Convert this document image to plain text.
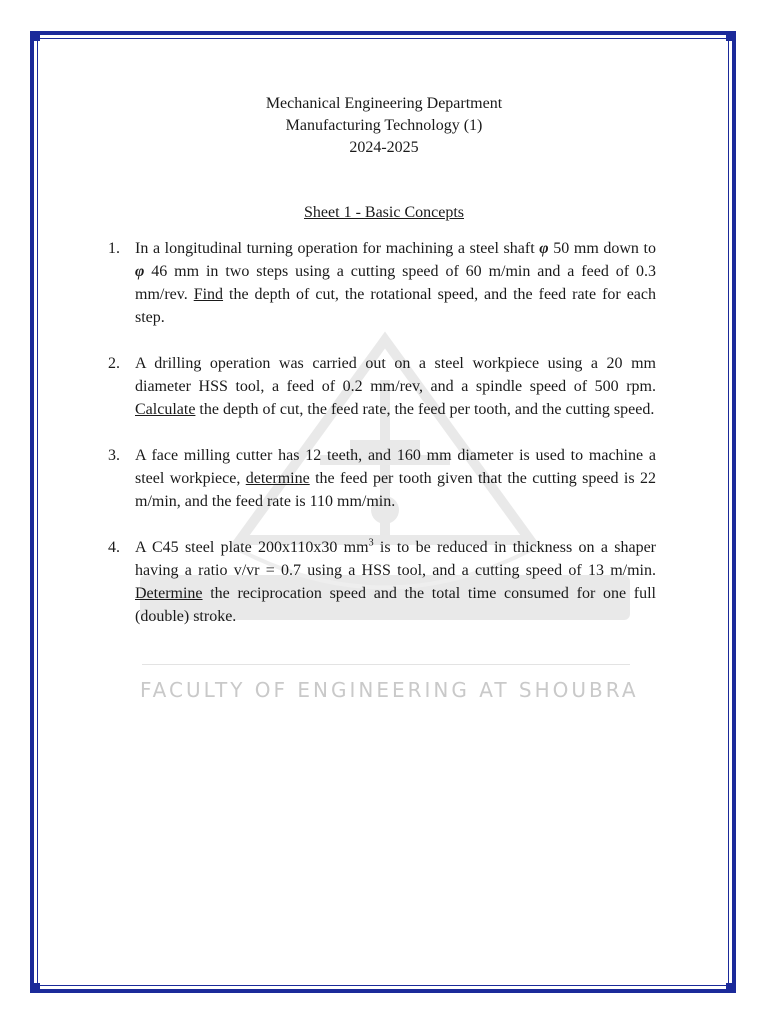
FACULTY OF ENGINEERING AT SHOUBRA
Mechanical Engineering Department
Manufacturing Technology (1)
2024-2025
Sheet 1 - Basic Concepts
1. In a longitudinal turning operation for machining a steel shaft φ 50 mm down to φ 46 mm in two steps using a cutting speed of 60 m/min and a feed of 0.3 mm/rev. Find the depth of cut, the rotational speed, and the feed rate for each step.
2. A drilling operation was carried out on a steel workpiece using a 20 mm diameter HSS tool, a feed of 0.2 mm/rev, and a spindle speed of 500 rpm. Calculate the depth of cut, the feed rate, the feed per tooth, and the cutting speed.
3. A face milling cutter has 12 teeth, and 160 mm diameter is used to machine a steel workpiece, determine the feed per tooth given that the cutting speed is 22 m/min, and the feed rate is 110 mm/min.
4. A C45 steel plate 200x110x30 $mm^3$ is to be reduced in thickness on a shaper having a ratio v/vr = 0.7 using a HSS tool, and a cutting speed of 13 m/min. Determine the reciprocation speed and the total time consumed for one full (double) stroke.
